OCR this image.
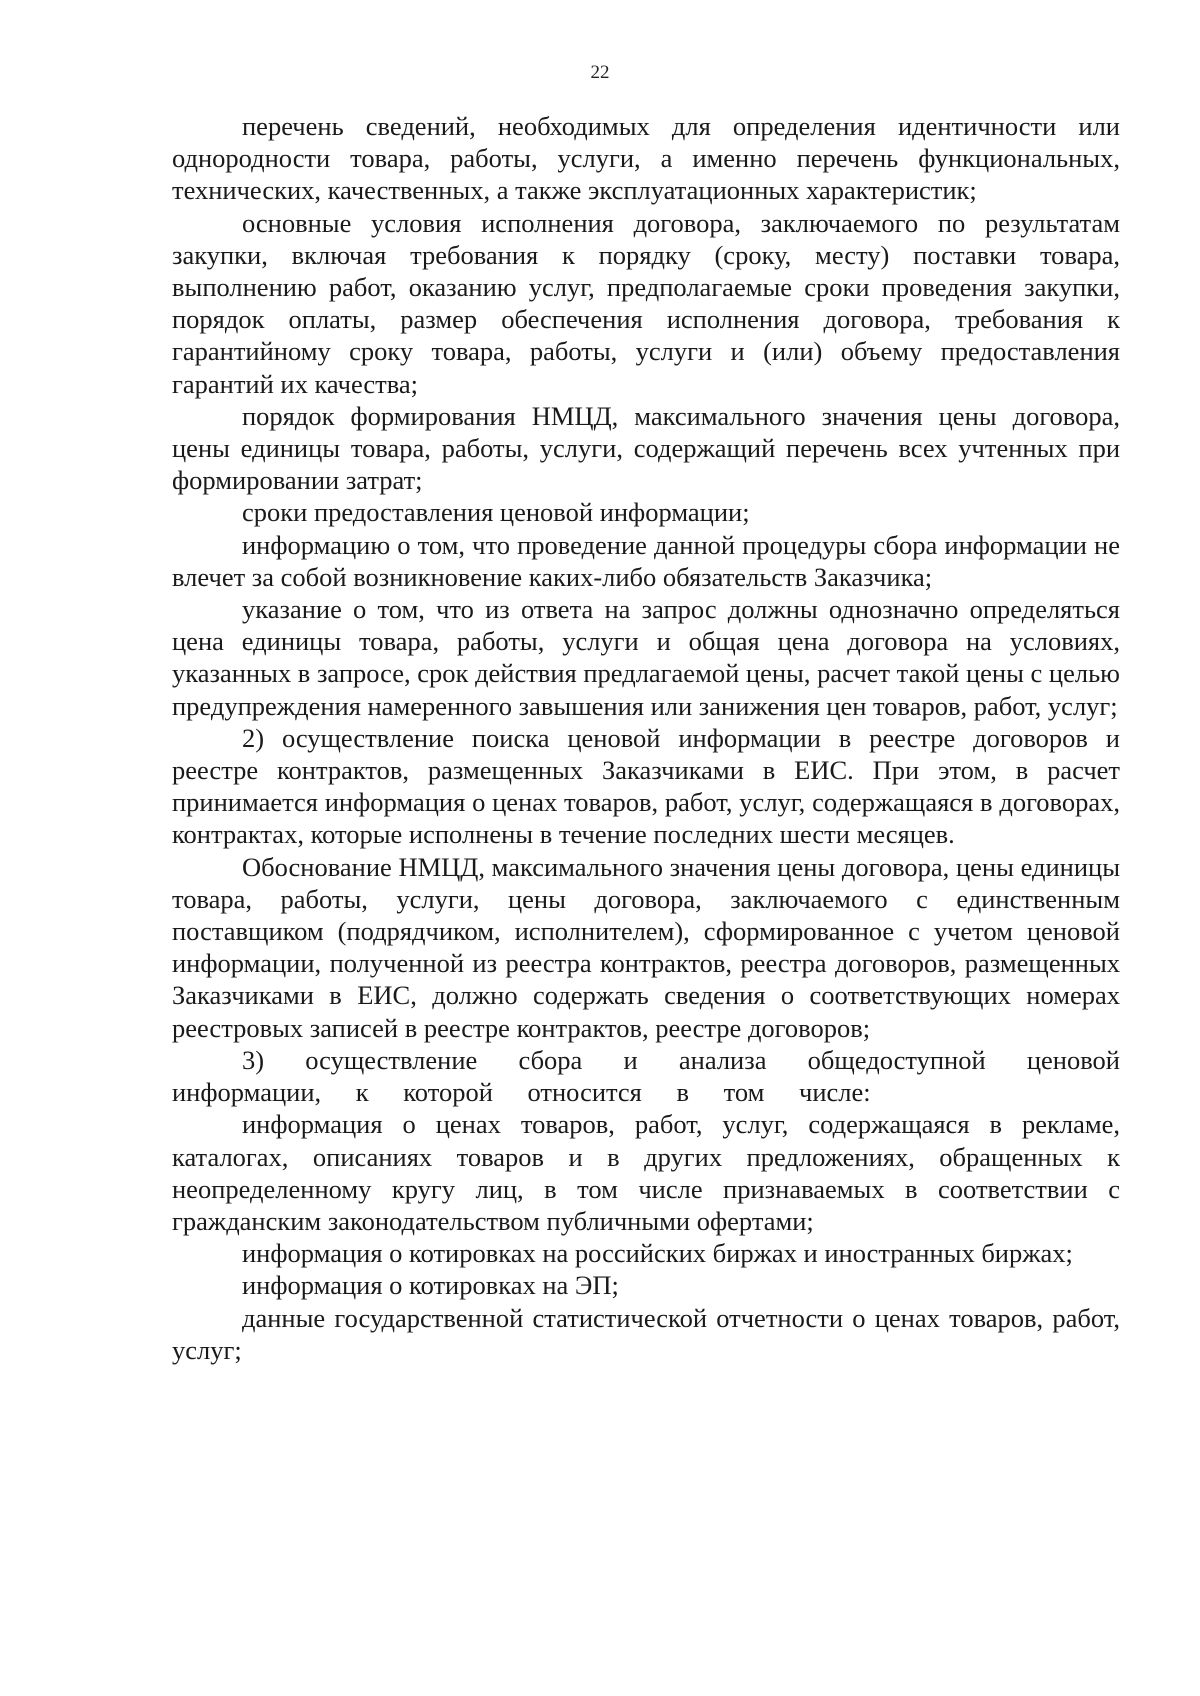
22

перечень сведений, необходимых для определения идентичности или однородности товара, работы, услуги, а именно перечень функциональных, технических, качественных, а также эксплуатационных характеристик;

основные условия исполнения договора, заключаемого по результатам закупки, включая требования к порядку (сроку, месту) поставки товара, выполнению работ, оказанию услуг, предполагаемые сроки проведения закупки, порядок оплаты, размер обеспечения исполнения договора, требования к гарантийному сроку товара, работы, услуги и (или) объему предоставления гарантий их качества;

порядок формирования НМЦД, максимального значения цены договора, цены единицы товара, работы, услуги, содержащий перечень всех учтенных при формировании затрат;

сроки предоставления ценовой информации;

информацию о том, что проведение данной процедуры сбора информации не влечет за собой возникновение каких-либо обязательств Заказчика;

указание о том, что из ответа на запрос должны однозначно определяться цена единицы товара, работы, услуги и общая цена договора на условиях, указанных в запросе, срок действия предлагаемой цены, расчет такой цены с целью предупреждения намеренного завышения или занижения цен товаров, работ, услуг;

2) осуществление поиска ценовой информации в реестре договоров и реестре контрактов, размещенных Заказчиками в ЕИС. При этом, в расчет принимается информация о ценах товаров, работ, услуг, содержащаяся в договорах, контрактах, которые исполнены в течение последних шести месяцев.

Обоснование НМЦД, максимального значения цены договора, цены единицы товара, работы, услуги, цены договора, заключаемого с единственным поставщиком (подрядчиком, исполнителем), сформированное с учетом ценовой информации, полученной из реестра контрактов, реестра договоров, размещенных Заказчиками в ЕИС, должно содержать сведения о соответствующих номерах реестровых записей в реестре контрактов, реестре договоров;

3) осуществление сбора и анализа общедоступной ценовой информации, к которой относится в том числе:

информация о ценах товаров, работ, услуг, содержащаяся в рекламе, каталогах, описаниях товаров и в других предложениях, обращенных к неопределенному кругу лиц, в том числе признаваемых в соответствии с гражданским законодательством публичными офертами;

информация о котировках на российских биржах и иностранных биржах;

информация о котировках на ЭП;

данные государственной статистической отчетности о ценах товаров, работ, услуг;
